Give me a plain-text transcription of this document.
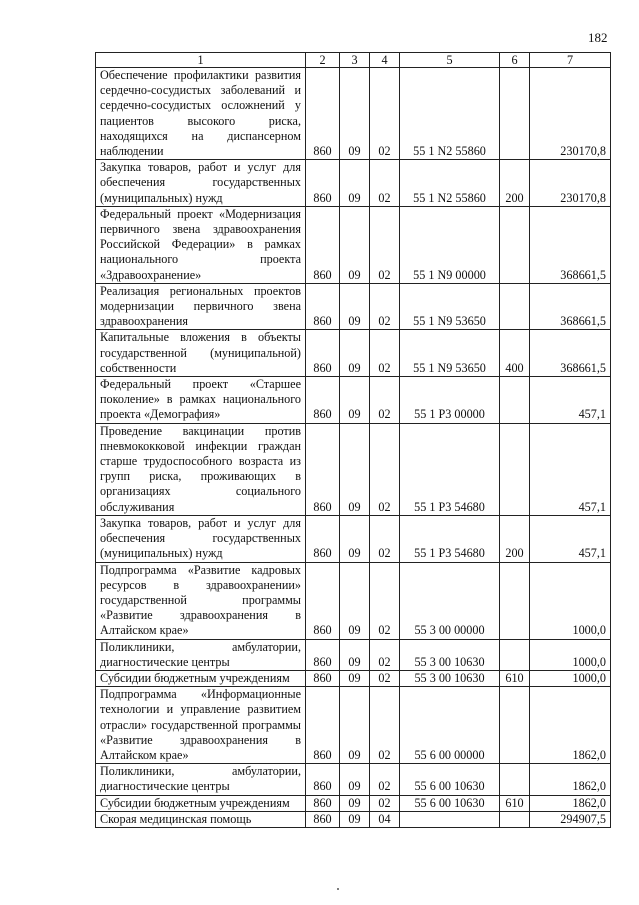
182
1	2	3	4	5	6	7
Обеспечение профилактики развития сердечно-сосудистых заболеваний и сердечно-сосудистых осложнений у пациентов высокого риска, находящихся на диспансерном наблюдении	860	09	02	55 1 N2 55860		230170,8
Закупка товаров, работ и услуг для обеспечения государственных (муниципальных) нужд	860	09	02	55 1 N2 55860	200	230170,8
Федеральный проект «Модернизация первичного звена здравоохранения Российской Федерации» в рамках национального проекта «Здравоохранение»	860	09	02	55 1 N9 00000		368661,5
Реализация региональных проектов модернизации первичного звена здравоохранения	860	09	02	55 1 N9 53650		368661,5
Капитальные вложения в объекты государственной (муниципальной) собственности	860	09	02	55 1 N9 53650	400	368661,5
Федеральный проект «Старшее поколение» в рамках национального проекта «Демография»	860	09	02	55 1 P3 00000		457,1
Проведение вакцинации против пневмококковой инфекции граждан старше трудоспособного возраста из групп риска, проживающих в организациях социального обслуживания	860	09	02	55 1 P3 54680		457,1
Закупка товаров, работ и услуг для обеспечения государственных (муниципальных) нужд	860	09	02	55 1 P3 54680	200	457,1
Подпрограмма «Развитие кадровых ресурсов в здравоохранении» государственной программы «Развитие здравоохранения в Алтайском крае»	860	09	02	55 3 00 00000		1000,0
Поликлиники, амбулатории, диагностические центры	860	09	02	55 3 00 10630		1000,0
Субсидии бюджетным учреждениям	860	09	02	55 3 00 10630	610	1000,0
Подпрограмма «Информационные технологии и управление развитием отрасли» государственной программы «Развитие здравоохранения в Алтайском крае»	860	09	02	55 6 00 00000		1862,0
Поликлиники, амбулатории, диагностические центры	860	09	02	55 6 00 10630		1862,0
Субсидии бюджетным учреждениям	860	09	02	55 6 00 10630	610	1862,0
Скорая медицинская помощь	860	09	04			294907,5
